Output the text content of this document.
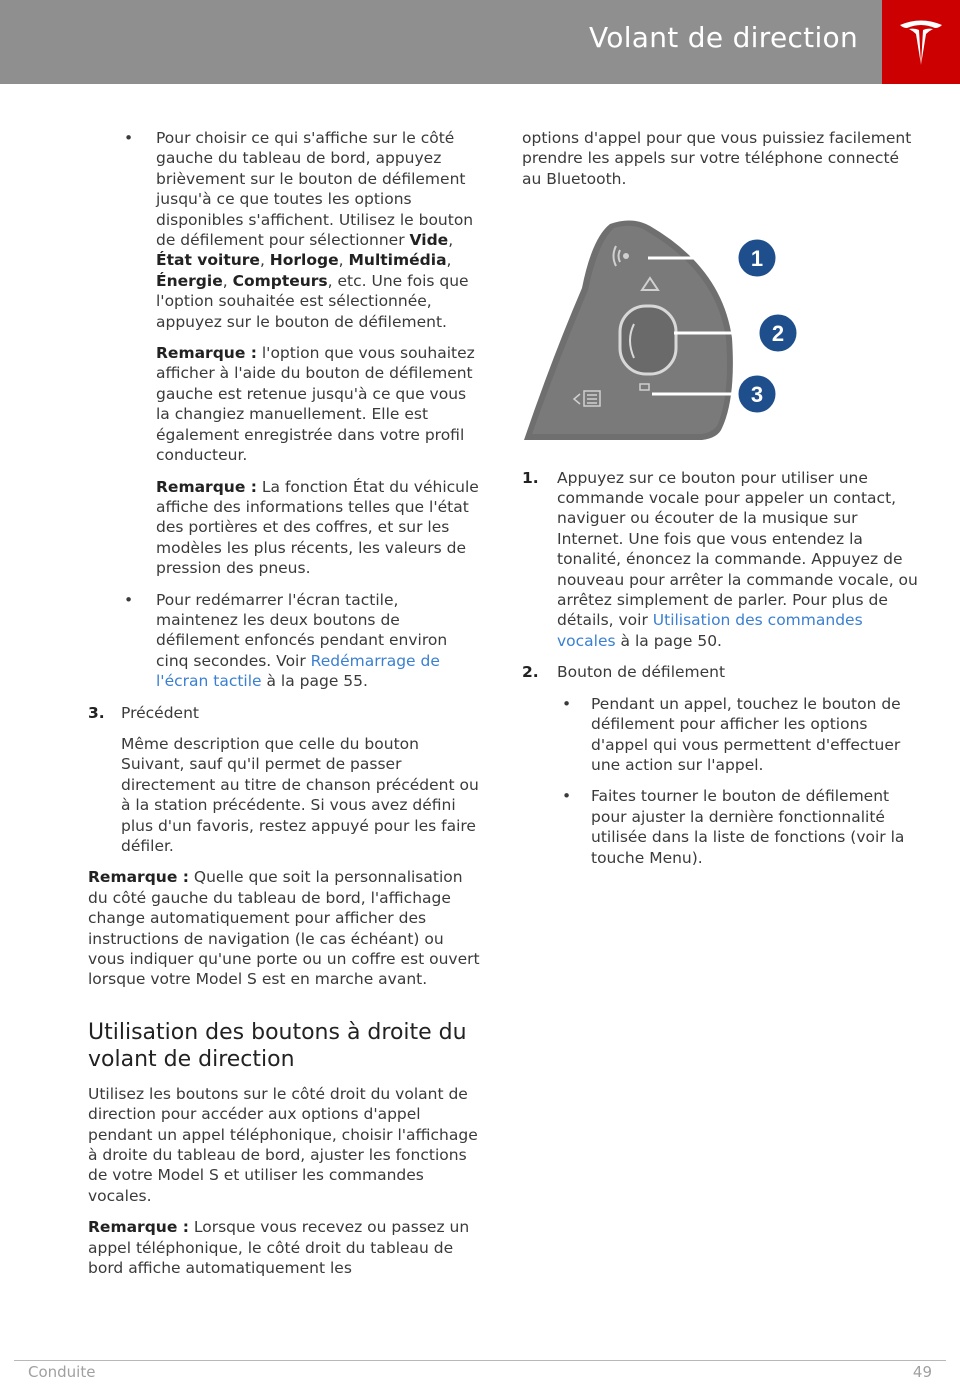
Volant de direction
• Pour choisir ce qui s'affiche sur le côté gauche du tableau de bord, appuyez brièvement sur le bouton de défilement jusqu'à ce que toutes les options disponibles s'affichent. Utilisez le bouton de défilement pour sélectionner Vide, État voiture, Horloge, Multimédia, Énergie, Compteurs, etc. Une fois que l'option souhaitée est sélectionnée, appuyez sur le bouton de défilement.
Remarque : l'option que vous souhaitez afficher à l'aide du bouton de défilement gauche est retenue jusqu'à ce que vous la changiez manuellement. Elle est également enregistrée dans votre profil conducteur.
Remarque : La fonction État du véhicule affiche des informations telles que l'état des portières et des coffres, et sur les modèles les plus récents, les valeurs de pression des pneus.
• Pour redémarrer l'écran tactile, maintenez les deux boutons de défilement enfoncés pendant environ cinq secondes. Voir Redémarrage de l'écran tactile à la page 55.
3. Précédent
Même description que celle du bouton Suivant, sauf qu'il permet de passer directement au titre de chanson précédent ou à la station précédente. Si vous avez défini plus d'un favoris, restez appuyé pour les faire défiler.

Remarque : Quelle que soit la personnalisation du côté gauche du tableau de bord, l'affichage change automatiquement pour afficher des instructions de navigation (le cas échéant) ou vous indiquer qu'une porte ou un coffre est ouvert lorsque votre Model S est en marche avant.

Utilisation des boutons à droite du volant de direction

Utilisez les boutons sur le côté droit du volant de direction pour accéder aux options d'appel pendant un appel téléphonique, choisir l'affichage à droite du tableau de bord, ajuster les fonctions de votre Model S et utiliser les commandes vocales.

Remarque : Lorsque vous recevez ou passez un appel téléphonique, le côté droit du tableau de bord affiche automatiquement les

options d'appel pour que vous puissiez facilement prendre les appels sur votre téléphone connecté au Bluetooth.

1
2
3
1. Appuyez sur ce bouton pour utiliser une commande vocale pour appeler un contact, naviguer ou écouter de la musique sur Internet. Une fois que vous entendez la tonalité, énoncez la commande. Appuyez de nouveau pour arrêter la commande vocale, ou arrêtez simplement de parler. Pour plus de détails, voir Utilisation des commandes vocales à la page 50.
2. Bouton de défilement
• Pendant un appel, touchez le bouton de défilement pour afficher les options d'appel qui vous permettent d'effectuer une action sur l'appel.
• Faites tourner le bouton de défilement pour ajuster la dernière fonctionnalité utilisée dans la liste de fonctions (voir la touche Menu).
Conduite	49
